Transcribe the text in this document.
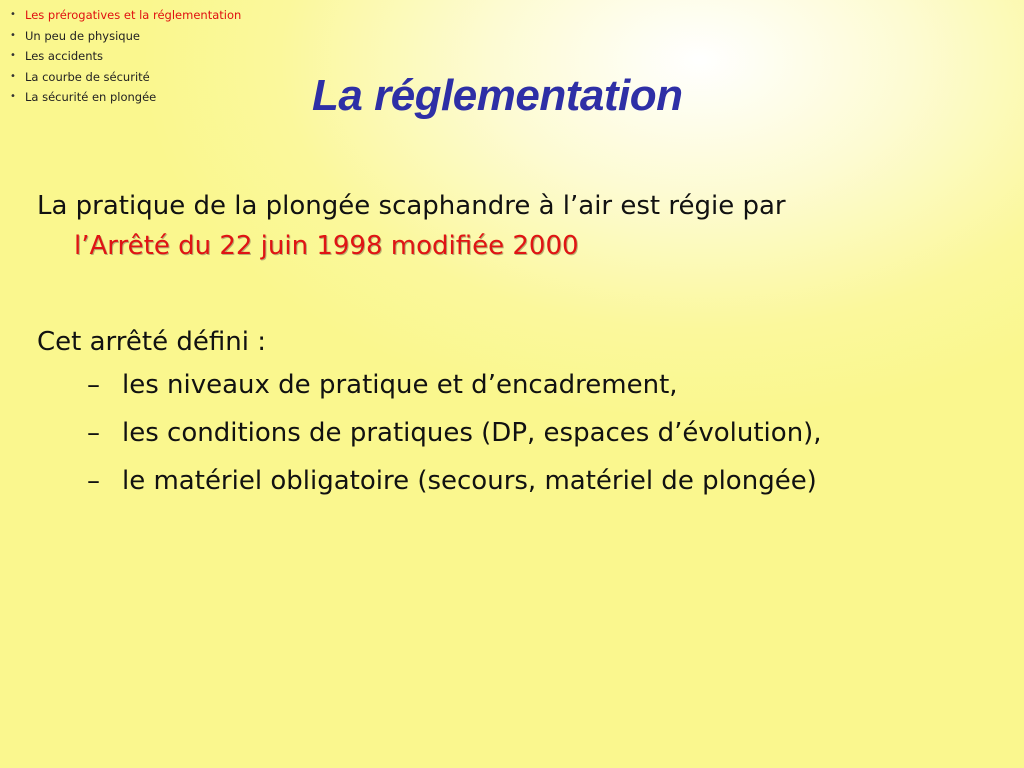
• Les prérogatives et la réglementation
• Un peu de physique
• Les accidents
• La courbe de sécurité
• La sécurité en plongée	La réglementation

La pratique de la plongée scaphandre à l’air est régie par
l’Arrêté du 22 juin 1998 modifiée 2000

Cet arrêté défini :

– les niveaux de pratique et d’encadrement,
– les conditions de pratiques (DP, espaces d’évolution),
– le matériel obligatoire (secours, matériel de plongée)
